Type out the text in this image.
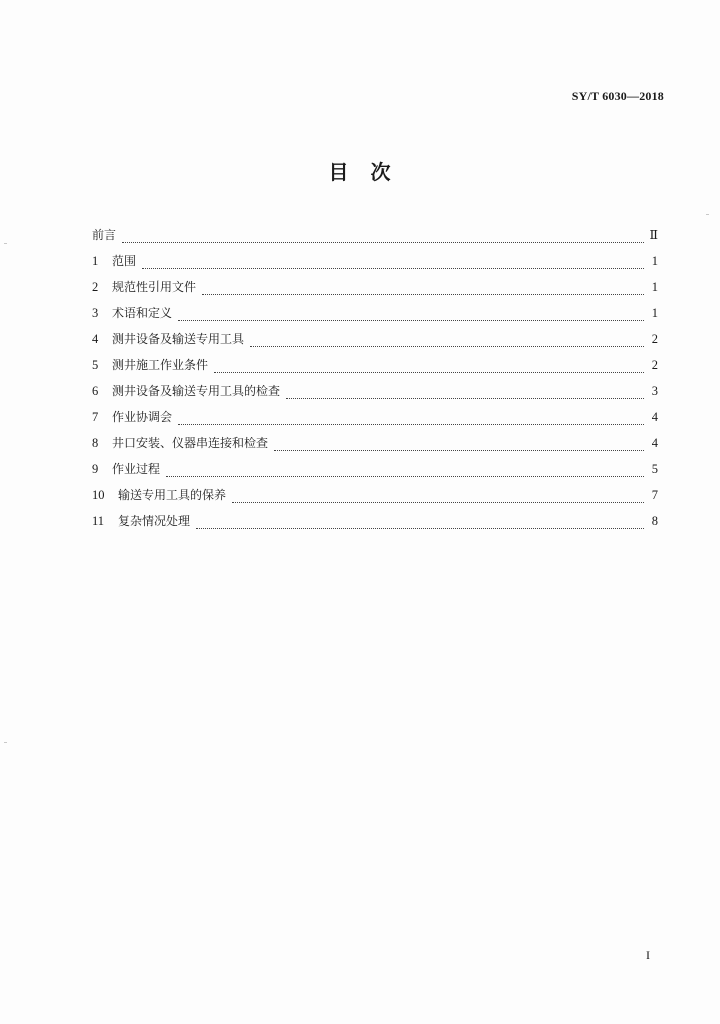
SY/T 6030—2018
目　次
前言	Ⅱ
1	范围	1
2	规范性引用文件	1
3	术语和定义	1
4	测井设备及输送专用工具	2
5	测井施工作业条件	2
6	测井设备及输送专用工具的检查	3
7	作业协调会	4
8	井口安装、仪器串连接和检查	4
9	作业过程	5
10	输送专用工具的保养	7
11	复杂情况处理	8
I
